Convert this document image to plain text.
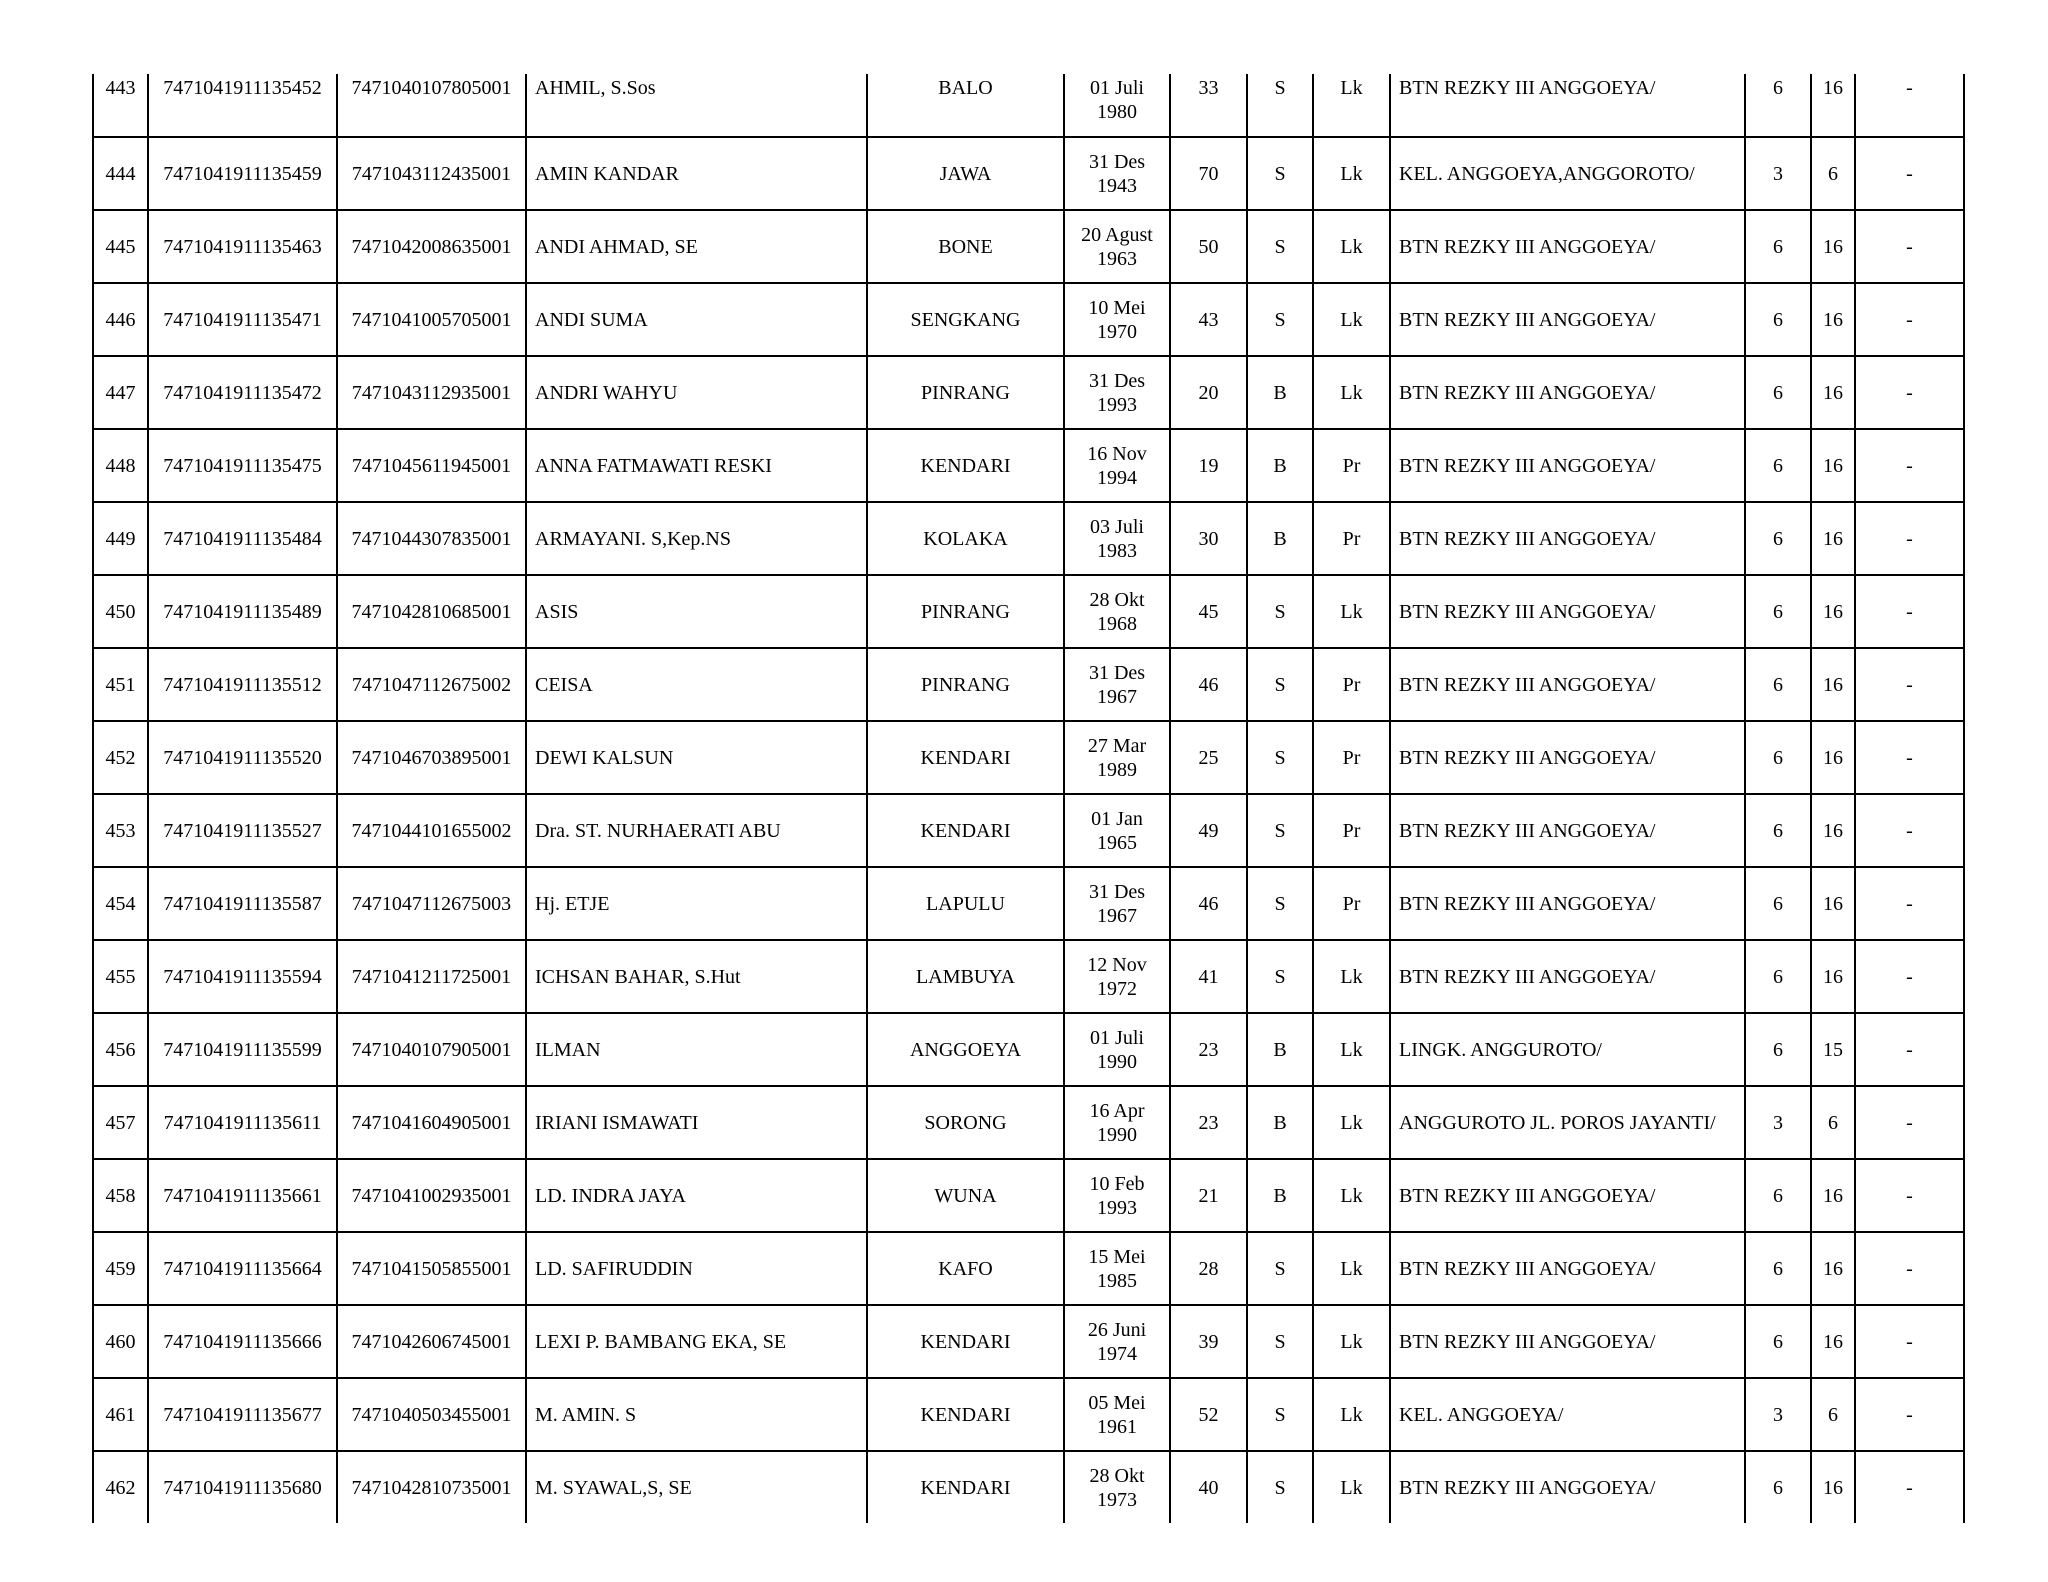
443	7471041911135452	7471040107805001	AHMIL, S.Sos	BALO	01 Juli
1980	33	S	Lk	BTN REZKY III ANGGOEYA/	6	16	-
444	7471041911135459	7471043112435001	AMIN KANDAR	JAWA	31 Des
1943	70	S	Lk	KEL. ANGGOEYA,ANGGOROTO/	3	6	-
445	7471041911135463	7471042008635001	ANDI AHMAD, SE	BONE	20 Agust
1963	50	S	Lk	BTN REZKY III ANGGOEYA/	6	16	-
446	7471041911135471	7471041005705001	ANDI SUMA	SENGKANG	10 Mei
1970	43	S	Lk	BTN REZKY III ANGGOEYA/	6	16	-
447	7471041911135472	7471043112935001	ANDRI WAHYU	PINRANG	31 Des
1993	20	B	Lk	BTN REZKY III ANGGOEYA/	6	16	-
448	7471041911135475	7471045611945001	ANNA FATMAWATI RESKI	KENDARI	16 Nov
1994	19	B	Pr	BTN REZKY III ANGGOEYA/	6	16	-
449	7471041911135484	7471044307835001	ARMAYANI. S,Kep.NS	KOLAKA	03 Juli
1983	30	B	Pr	BTN REZKY III ANGGOEYA/	6	16	-
450	7471041911135489	7471042810685001	ASIS	PINRANG	28 Okt
1968	45	S	Lk	BTN REZKY III ANGGOEYA/	6	16	-
451	7471041911135512	7471047112675002	CEISA	PINRANG	31 Des
1967	46	S	Pr	BTN REZKY III ANGGOEYA/	6	16	-
452	7471041911135520	7471046703895001	DEWI KALSUN	KENDARI	27 Mar
1989	25	S	Pr	BTN REZKY III ANGGOEYA/	6	16	-
453	7471041911135527	7471044101655002	Dra. ST. NURHAERATI ABU	KENDARI	01 Jan
1965	49	S	Pr	BTN REZKY III ANGGOEYA/	6	16	-
454	7471041911135587	7471047112675003	Hj. ETJE	LAPULU	31 Des
1967	46	S	Pr	BTN REZKY III ANGGOEYA/	6	16	-
455	7471041911135594	7471041211725001	ICHSAN BAHAR, S.Hut	LAMBUYA	12 Nov
1972	41	S	Lk	BTN REZKY III ANGGOEYA/	6	16	-
456	7471041911135599	7471040107905001	ILMAN	ANGGOEYA	01 Juli
1990	23	B	Lk	LINGK. ANGGUROTO/	6	15	-
457	7471041911135611	7471041604905001	IRIANI ISMAWATI	SORONG	16 Apr
1990	23	B	Lk	ANGGUROTO JL. POROS JAYANTI/	3	6	-
458	7471041911135661	7471041002935001	LD. INDRA JAYA	WUNA	10 Feb
1993	21	B	Lk	BTN REZKY III ANGGOEYA/	6	16	-
459	7471041911135664	7471041505855001	LD. SAFIRUDDIN	KAFO	15 Mei
1985	28	S	Lk	BTN REZKY III ANGGOEYA/	6	16	-
460	7471041911135666	7471042606745001	LEXI P. BAMBANG EKA, SE	KENDARI	26 Juni
1974	39	S	Lk	BTN REZKY III ANGGOEYA/	6	16	-
461	7471041911135677	7471040503455001	M. AMIN. S	KENDARI	05 Mei
1961	52	S	Lk	KEL. ANGGOEYA/	3	6	-
462	7471041911135680	7471042810735001	M. SYAWAL,S, SE	KENDARI	28 Okt
1973	40	S	Lk	BTN REZKY III ANGGOEYA/	6	16	-
